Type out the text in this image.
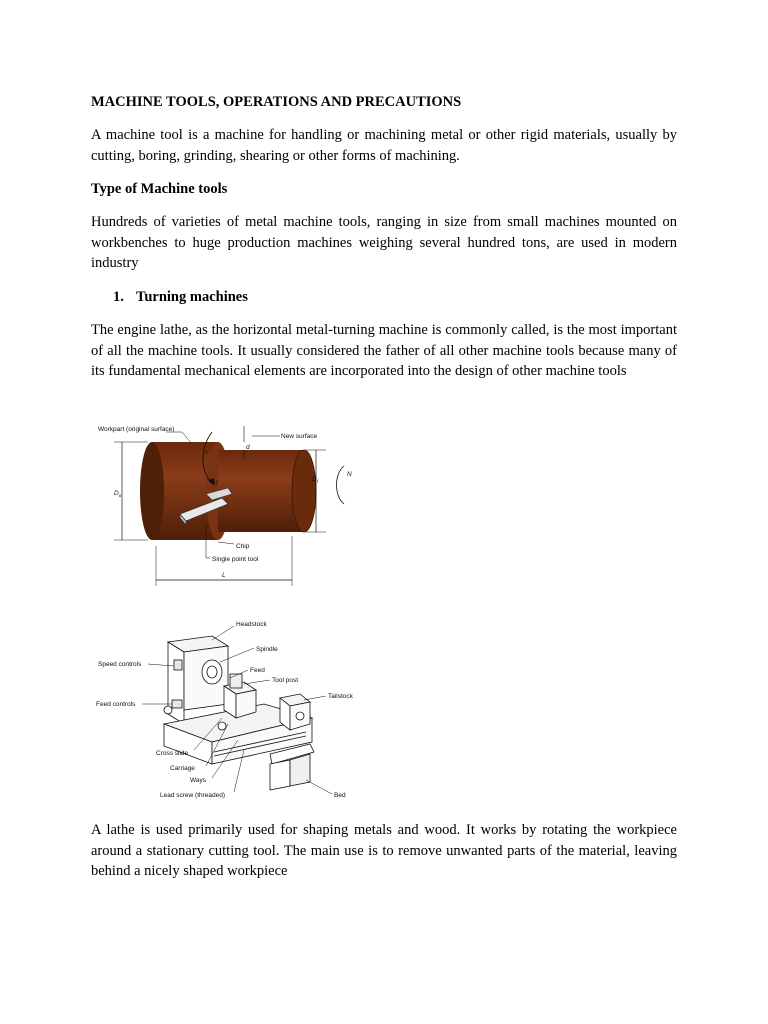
MACHINE TOOLS, OPERATIONS AND PRECAUTIONS

A machine tool is a machine for handling or machining metal or other rigid materials, usually by cutting, boring, grinding, shearing or other forms of machining.

Type of Machine tools

Hundreds of varieties of metal machine tools, ranging in size from small machines mounted on workbenches to huge production machines weighing several hundred tons, are used in modern industry

1. Turning machines

The engine lathe, as the horizontal metal-turning machine is commonly called, is the most important of all the machine tools. It usually considered the father of all other machine tools because many of its fundamental mechanical elements are incorporated into the design of other machine tools

A lathe is used primarily used for shaping metals and wood. It works by rotating the workpiece around a stationary cutting tool. The main use is to remove unwanted parts of the material, leaving behind a nicely shaped workpiece

Workpart (original surface)
New surface
d
v
f
$D_o$
$D_f$
N
Chip
Single point tool
L
Headstock
Spindle
Speed controls
Feed
Tool post
Tailstock
Feed controls
Cross slide
Carriage
Ways
Lead screw (threaded)	Bed
